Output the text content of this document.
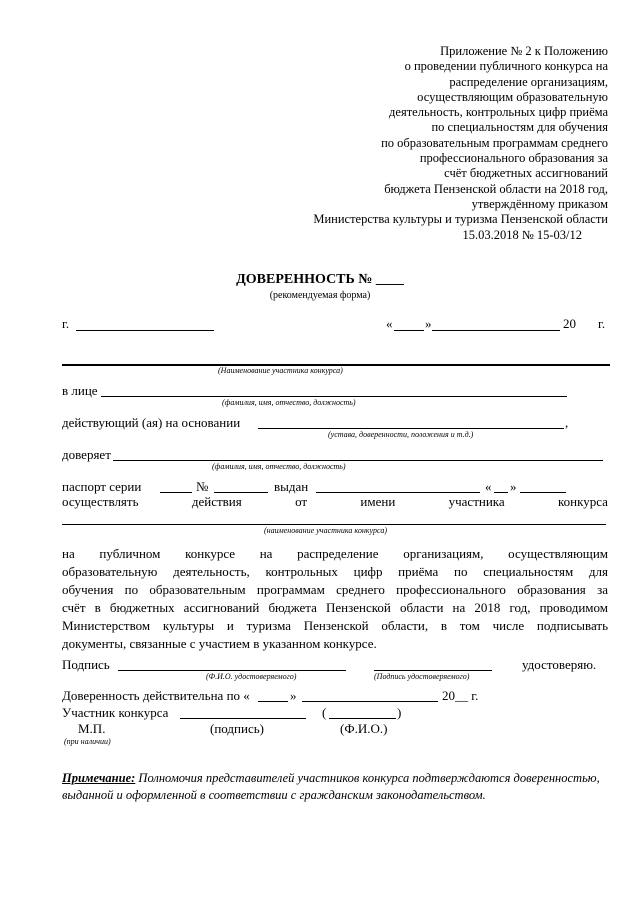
Приложение № 2 к Положению
о проведении публичного конкурса на
распределение организациям,
осуществляющим образовательную
деятельность, контрольных цифр приёма
по специальностям для обучения
по образовательным программам среднего
профессионального образования за
счёт бюджетных ассигнований
бюджета Пензенской области на 2018 год,
утверждённому приказом
Министерства культуры и туризма Пензенской области
15.03.2018 № 15-03/12
ДОВЕРЕННОСТЬ № ____
(рекомендуемая форма)
г.	«	»	20 г.
(Наименование участника конкурса)
в лице
(фамилия, имя, отчество, должность)
действующий (ая) на основании	,
(устава, доверенности, положения и т.д.)
доверяет
(фамилия, имя, отчество, должность)
паспорт серии	№	выдан	« »
осуществлять	действия	от	имени	участника	конкурса
(наименование участника конкурса)
на публичном конкурсе на распределение организациям, осуществляющим
образовательную деятельность, контрольных цифр приёма по специальностям для
обучения по образовательным программам среднего профессионального образования за
счёт в бюджетных ассигнований бюджета Пензенской области на 2018 год, проводимом
Министерством культуры и туризма Пензенской области, в том числе подписывать
документы, связанные с участием в указанном конкурсе.
Подпись
(Ф.И.О. удостоверяемого)	(Подпись удостоверяемого)
удостоверяю.
Доверенность действительна по «	»	20__ г.
Участник конкурса	(	)
М.П.
(при наличии)
(подпись)	(Ф.И.О.)
Примечание: Полномочия представителей участников конкурса подтверждаются доверенностью, выданной и оформленной в соответствии с гражданским законодательством.
